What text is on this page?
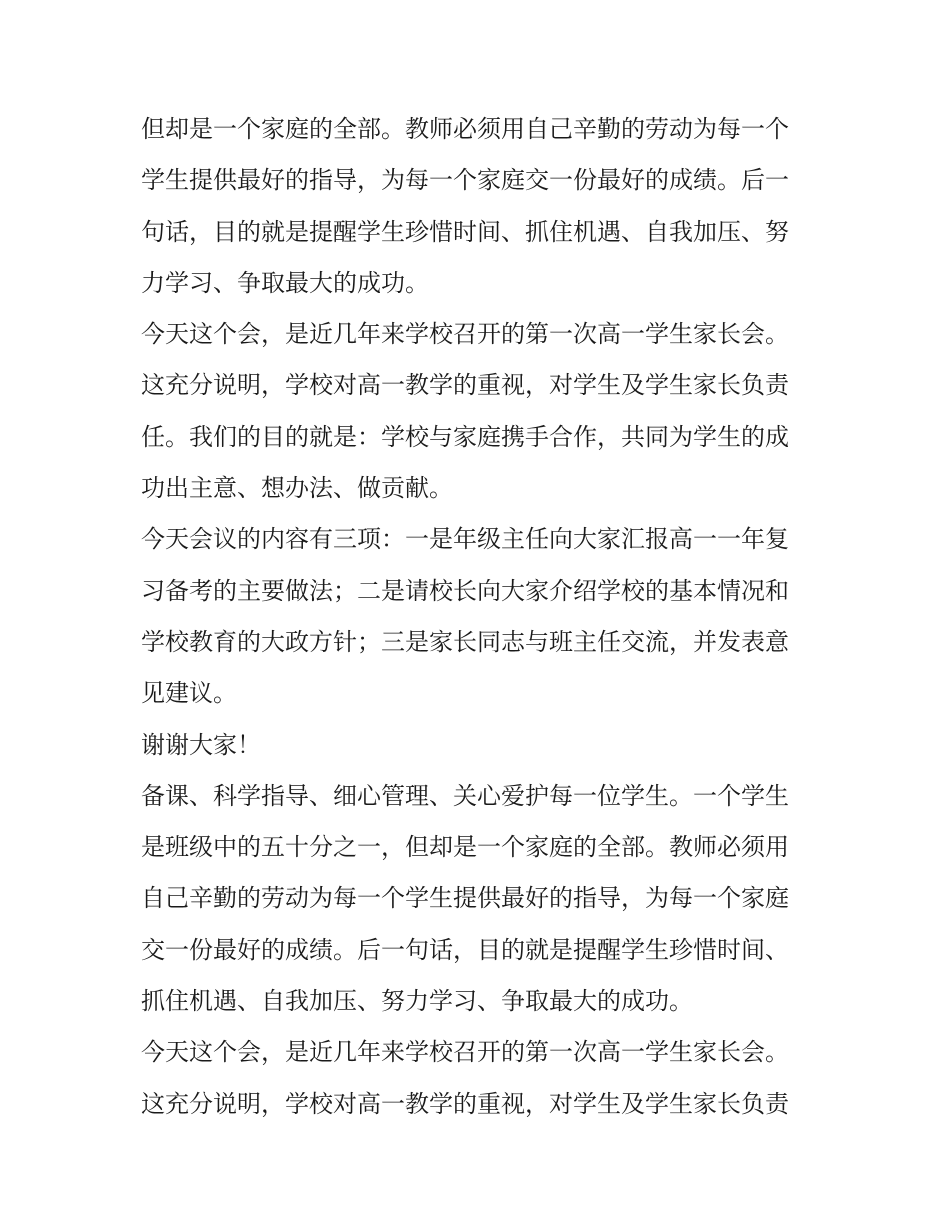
但却是一个家庭的全部。教师必须用自己辛勤的劳动为每一个
学生提供最好的指导，为每一个家庭交一份最好的成绩。后一
句话，目的就是提醒学生珍惜时间、抓住机遇、自我加压、努
力学习、争取最大的成功。
今天这个会，是近几年来学校召开的第一次高一学生家长会。
这充分说明，学校对高一教学的重视，对学生及学生家长负责
任。我们的目的就是：学校与家庭携手合作，共同为学生的成
功出主意、想办法、做贡献。
今天会议的内容有三项：一是年级主任向大家汇报高一一年复
习备考的主要做法；二是请校长向大家介绍学校的基本情况和
学校教育的大政方针；三是家长同志与班主任交流，并发表意
见建议。
谢谢大家！
备课、科学指导、细心管理、关心爱护每一位学生。一个学生
是班级中的五十分之一，但却是一个家庭的全部。教师必须用
自己辛勤的劳动为每一个学生提供最好的指导，为每一个家庭
交一份最好的成绩。后一句话，目的就是提醒学生珍惜时间、
抓住机遇、自我加压、努力学习、争取最大的成功。
今天这个会，是近几年来学校召开的第一次高一学生家长会。
这充分说明，学校对高一教学的重视，对学生及学生家长负责
